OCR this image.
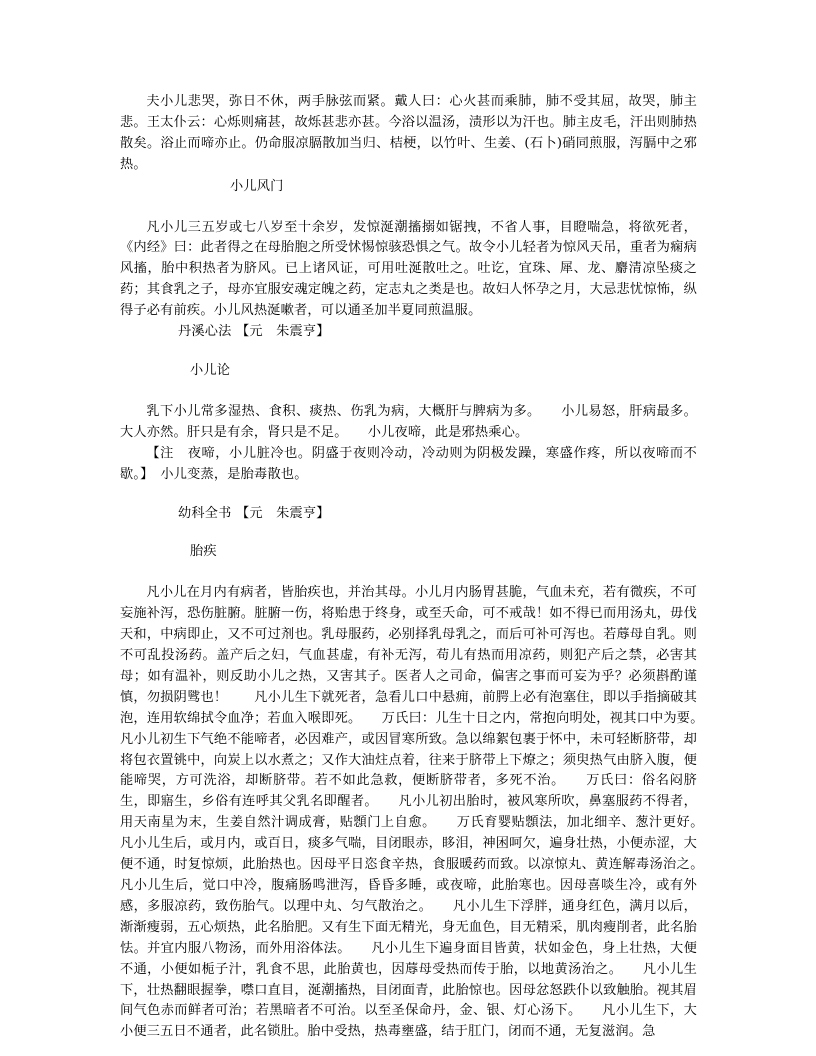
夫小儿悲哭，弥日不休，两手脉弦而紧。戴人曰：心火甚而乘肺，肺不受其屈，故哭，肺主悲。王太仆云：心烁则痛甚，故烁甚悲亦甚。今浴以温汤，渍形以为汗也。肺主皮毛，汗出则肺热散矣。浴止而啼亦止。仍命服凉膈散加当归、桔梗，以竹叶、生姜、(石卜)硝同煎服，泻膈中之邪热。

小儿风门

凡小儿三五岁或七八岁至十余岁，发惊涎潮搐搦如锯拽，不省人事，目瞪喘急，将欲死者，《内经》曰：此者得之在母胎胞之所受怵惕惊骇恐惧之气。故令小儿轻者为惊风天吊，重者为痫病风搐，胎中积热者为脐风。已上诸风证，可用吐涎散吐之。吐讫，宜珠、犀、龙、麝清凉坠痰之药；其食乳之子，母亦宜服安魂定魄之药，定志丸之类是也。故妇人怀孕之月，大忌悲忧惊怖，纵得子必有前疾。小儿风热涎嗽者，可以通圣加半夏同煎温服。

丹溪心法 【元　朱震亨】

小儿论

乳下小儿常多湿热、食积、痰热、伤乳为病，大概肝与脾病为多。　　小儿易怒，肝病最多。大人亦然。肝只是有余，肾只是不足。　　小儿夜啼，此是邪热乘心。

【注　夜啼，小儿脏冷也。阴盛于夜则冷动，冷动则为阴极发躁，寒盛作疼，所以夜啼而不歇。】　小儿变蒸，是胎毒散也。

幼科全书 【元　朱震亨】

胎疾

凡小儿在月内有病者，皆胎疾也，并治其母。小儿月内肠胃甚脆，气血未充，若有微疾，不可妄施补泻，恐伤脏腑。脏腑一伤，将贻患于终身，或至夭命，可不戒哉！如不得已而用汤丸，毋伐天和，中病即止，又不可过剂也。乳母服药，必别择乳母乳之，而后可补可泻也。若蓐母自乳。则不可乱投汤药。盖产后之妇，气血甚虚，有补无泻，苟儿有热而用凉药，则犯产后之禁，必害其母；如有温补，则反助小儿之热，又害其子。医者人之司命，偏害之事而可妄为乎？必须斟酌谨慎，勿损阴骘也！　　凡小儿生下就死者，急看儿口中悬痈，前腭上必有泡塞住，即以手指摘破其泡，连用软绵拭令血净；若血入喉即死。　　万氏曰：儿生十日之内，常抱向明处，视其口中为要。　　凡小儿初生下气绝不能啼者，必因难产，或因冒寒所致。急以绵絮包裹于怀中，未可轻断脐带，却将包衣置铫中，向炭上以水煮之；又作大油炷点着，往来于脐带上下燎之；须臾热气由脐入腹，便能啼哭，方可洗浴，却断脐带。若不如此急救，便断脐带者，多死不治。　　万氏曰：俗名闷脐生，即寤生，乡俗有连呼其父乳名即醒者。　　凡小儿初出胎时，被风寒所吹，鼻塞服药不得者，用天南星为末，生姜自然汁调成膏，贴顖门上自愈。　　万氏育婴贴顖法，加北细辛、葱汁更好。　　凡小儿生后，或月内，或百日，痰多气喘，目闭眼赤，眵泪，神困呵欠，遍身壮热，小便赤涩，大便不通，时复惊烦，此胎热也。因母平日恣食辛热，食服暖药而致。以凉惊丸、黄连解毒汤治之。　　凡小儿生后，觉口中冷，腹痛肠鸣泄泻，昏昏多睡，或夜啼，此胎寒也。因母喜啖生冷，或有外感，多服凉药，致伤胎气。以理中丸、匀气散治之。　　凡小儿生下浮胖，通身红色，满月以后，渐渐瘦弱，五心烦热，此名胎肥。又有生下面无精光，身无血色，目无精采，肌肉瘦削者，此名胎怯。并宜内服八物汤，而外用浴体法。　　凡小儿生下遍身面目皆黄，状如金色，身上壮热，大便不通，小便如栀子汁，乳食不思，此胎黄也，因蓐母受热而传于胎，以地黄汤治之。　　凡小儿生下，壮热翻眼握拳，噤口直目，涎潮搐热，目闭面青，此胎惊也。因母忿怒跌仆以致触胎。视其眉间气色赤而鲜者可治；若黑暗者不可治。以至圣保命丹，金、银、灯心汤下。　　凡小儿生下，大小便三五日不通者，此名锁肚。胎中受热，热毒壅盛，结于肛门，闭而不通，无复滋润。急
